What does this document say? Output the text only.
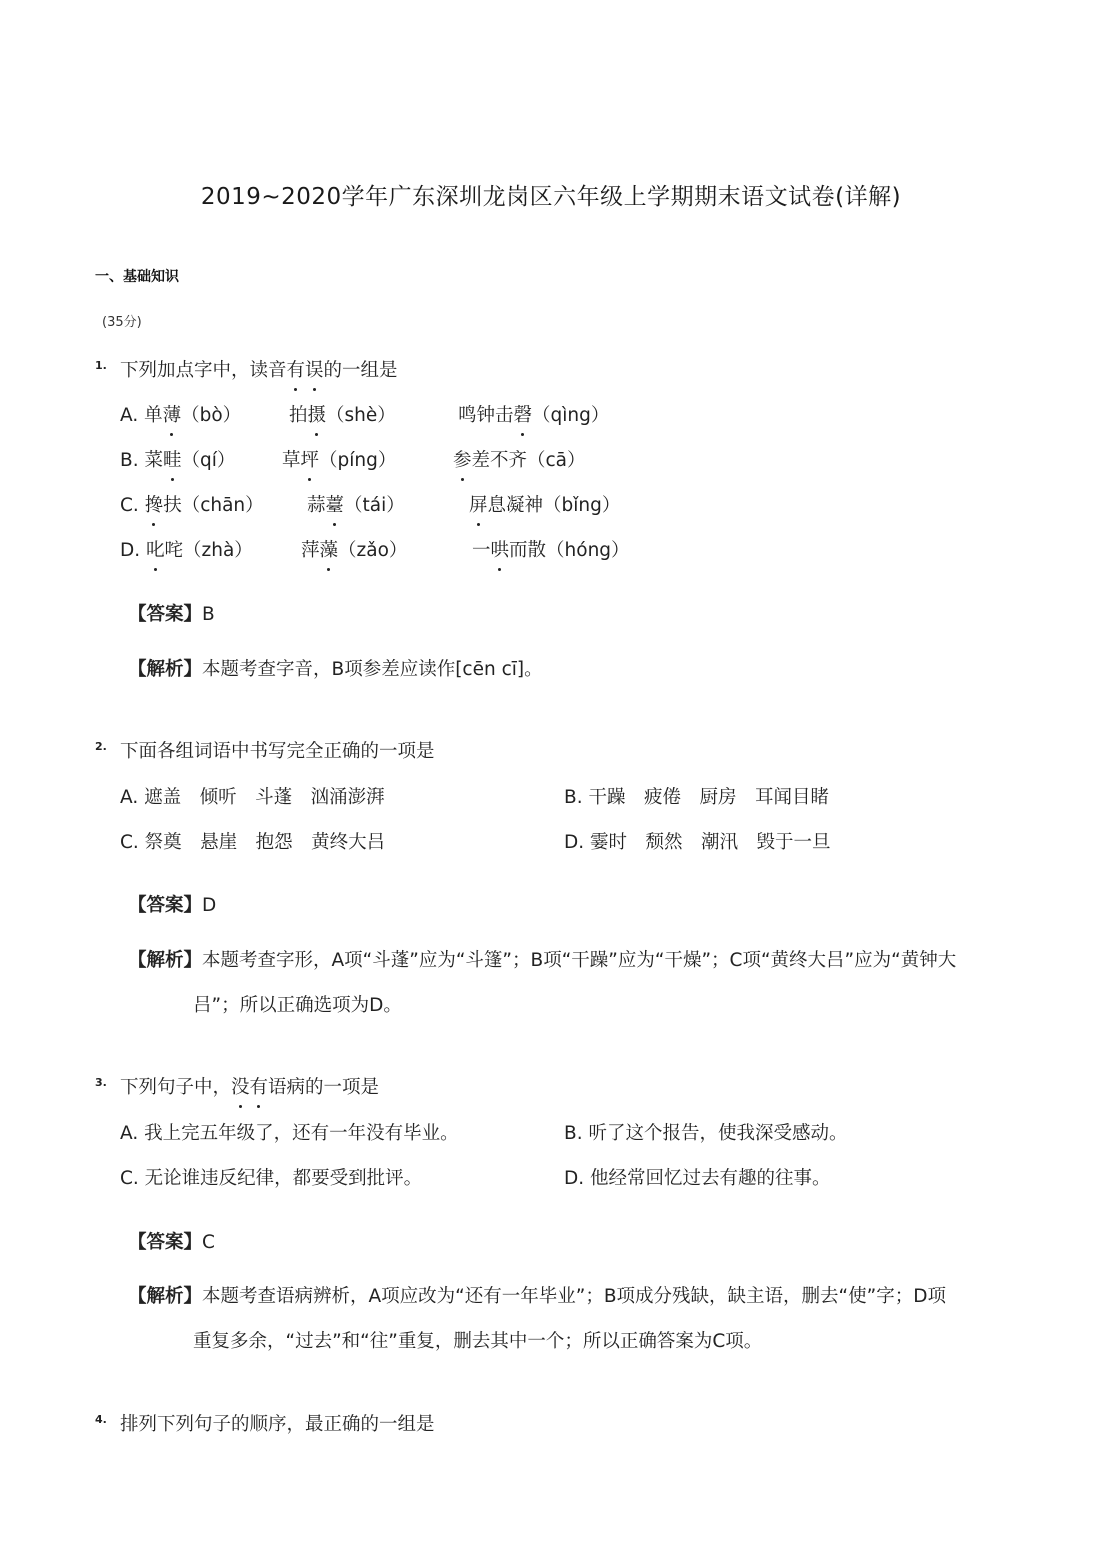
2019~2020学年广东深圳龙岗区六年级上学期期末语文试卷(详解)
一、基础知识
(35分)
1. 下列加点字中，读音有误的一组是
A. 单薄（bò）	拍摄（shè）	鸣钟击磬（qìng）
B. 菜畦（qí）	草坪（píng）	参差不齐（cā）
C. 搀扶（chān） 蒜薹（tái）	屏息凝神（bǐng）
D. 叱咤（zhà）	萍藻（zǎo）	一哄而散（hóng）
【答案】B
【解析】本题考查字音，B项参差应读作[cēn cī]。
2. 下面各组词语中书写完全正确的一项是
A. 遮盖　倾听　斗蓬　汹涌澎湃	B. 干躁　疲倦　厨房　耳闻目睹
C. 祭奠　悬崖　抱怨　黄终大吕	D. 霎时　颓然　潮汛　毁于一旦
【答案】D
【解析】本题考查字形，A项“斗蓬”应为“斗篷”；B项“干躁”应为“干燥”；C项“黄终大吕”应为“黄钟大
吕”；所以正确选项为D。
3. 下列句子中，没有语病的一项是
A. 我上完五年级了，还有一年没有毕业。	B. 听了这个报告，使我深受感动。
C. 无论谁违反纪律，都要受到批评。	D. 他经常回忆过去有趣的往事。
【答案】C
【解析】本题考查语病辨析，A项应改为“还有一年毕业”；B项成分残缺，缺主语，删去“使”字；D项
重复多余，“过去”和“往”重复，删去其中一个；所以正确答案为C项。
4. 排列下列句子的顺序，最正确的一组是
